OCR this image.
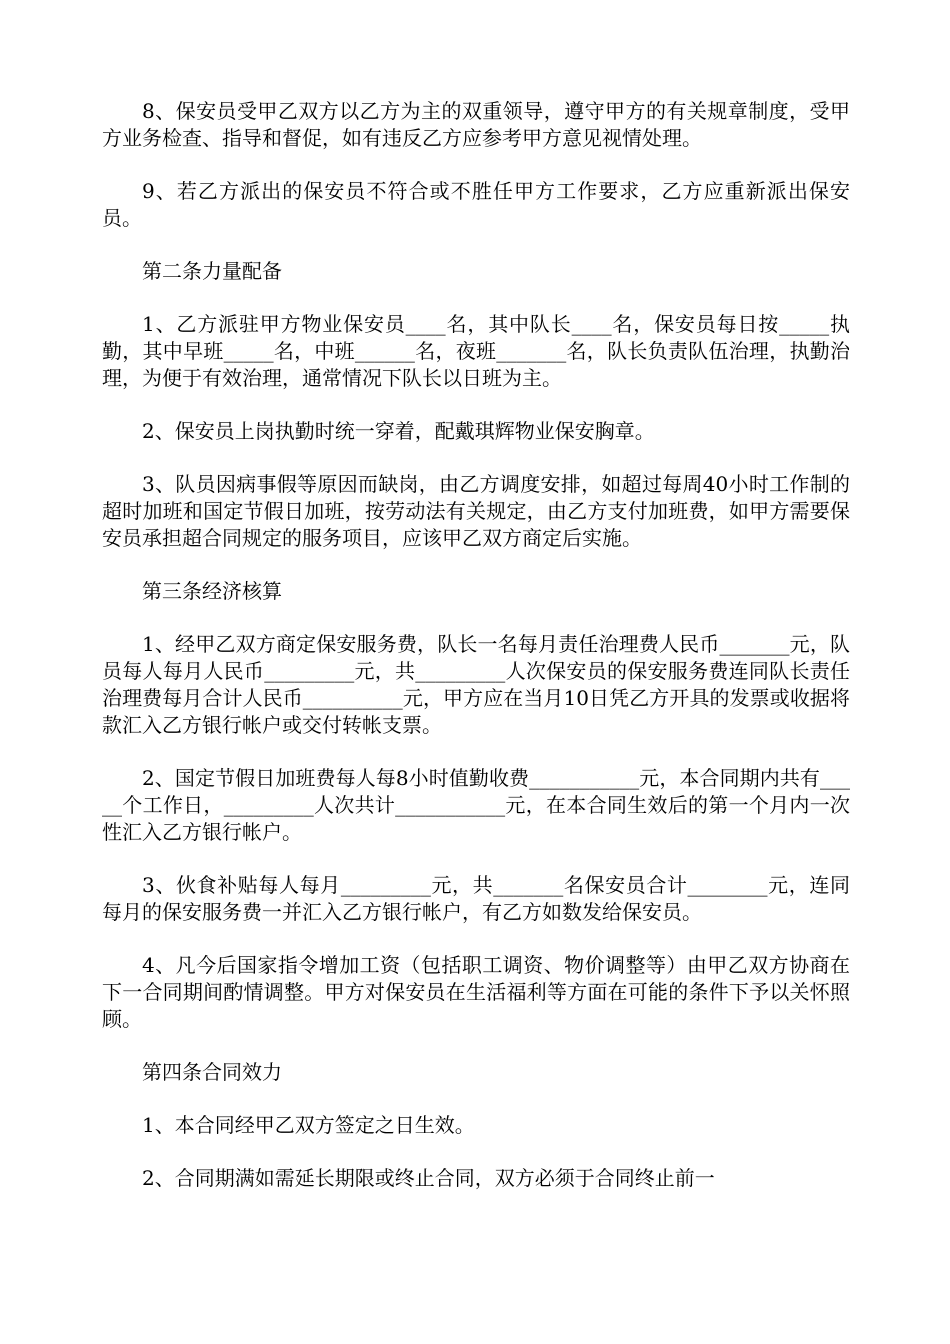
8、保安员受甲乙双方以乙方为主的双重领导，遵守甲方的有关规章制度，受甲方业务检查、指导和督促，如有违反乙方应参考甲方意见视情处理。

9、若乙方派出的保安员不符合或不胜任甲方工作要求，乙方应重新派出保安员。

第二条力量配备

1、乙方派驻甲方物业保安员____名，其中队长____名，保安员每日按_____执勤，其中早班_____名，中班______名，夜班_______名，队长负责队伍治理，执勤治理，为便于有效治理，通常情况下队长以日班为主。

2、保安员上岗执勤时统一穿着，配戴琪辉物业保安胸章。

3、队员因病事假等原因而缺岗，由乙方调度安排，如超过每周40小时工作制的超时加班和国定节假日加班，按劳动法有关规定，由乙方支付加班费，如甲方需要保安员承担超合同规定的服务项目，应该甲乙双方商定后实施。

第三条经济核算

1、经甲乙双方商定保安服务费，队长一名每月责任治理费人民币_______元，队员每人每月人民币_________元，共_________人次保安员的保安服务费连同队长责任治理费每月合计人民币__________元，甲方应在当月10日凭乙方开具的发票或收据将款汇入乙方银行帐户或交付转帐支票。

2、国定节假日加班费每人每8小时值勤收费___________元，本合同期内共有_____个工作日，_________人次共计___________元，在本合同生效后的第一个月内一次性汇入乙方银行帐户。

3、伙食补贴每人每月_________元，共_______名保安员合计________元，连同每月的保安服务费一并汇入乙方银行帐户，有乙方如数发给保安员。

4、凡今后国家指令增加工资（包括职工调资、物价调整等）由甲乙双方协商在下一合同期间酌情调整。甲方对保安员在生活福利等方面在可能的条件下予以关怀照顾。

第四条合同效力

1、本合同经甲乙双方签定之日生效。

2、合同期满如需延长期限或终止合同，双方必须于合同终止前一
